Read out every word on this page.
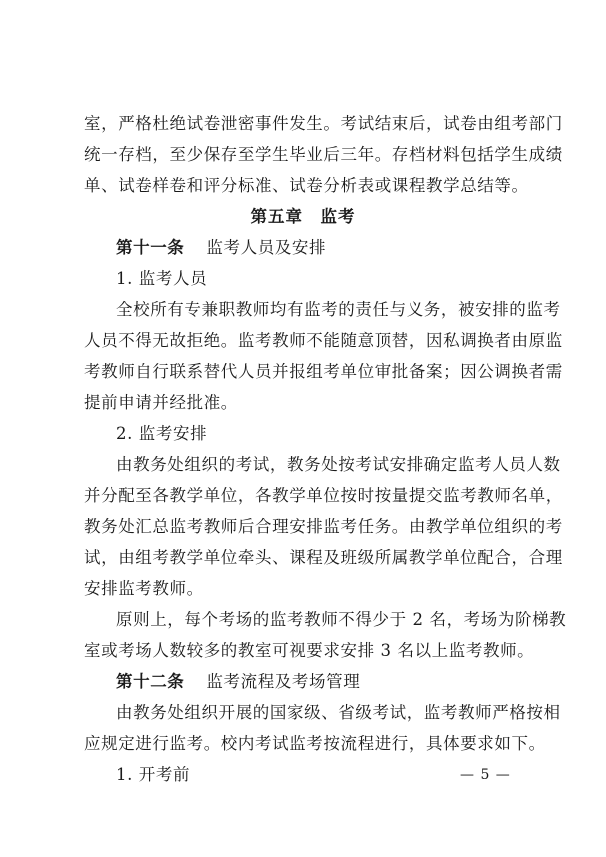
室，严格杜绝试卷泄密事件发生。考试结束后，试卷由组考部门
统一存档，至少保存至学生毕业后三年。存档材料包括学生成绩
单、试卷样卷和评分标准、试卷分析表或课程教学总结等。
第五章　监考
第十一条 监考人员及安排
1. 监考人员
全校所有专兼职教师均有监考的责任与义务，被安排的监考
人员不得无故拒绝。监考教师不能随意顶替，因私调换者由原监
考教师自行联系替代人员并报组考单位审批备案；因公调换者需
提前申请并经批准。
2. 监考安排
由教务处组织的考试，教务处按考试安排确定监考人员人数
并分配至各教学单位，各教学单位按时按量提交监考教师名单，
教务处汇总监考教师后合理安排监考任务。由教学单位组织的考
试，由组考教学单位牵头、课程及班级所属教学单位配合，合理
安排监考教师。
原则上，每个考场的监考教师不得少于 2 名，考场为阶梯教
室或考场人数较多的教室可视要求安排 3 名以上监考教师。
第十二条 监考流程及考场管理
由教务处组织开展的国家级、省级考试，监考教师严格按相
应规定进行监考。校内考试监考按流程进行，具体要求如下。
1. 开考前	— 5 —
